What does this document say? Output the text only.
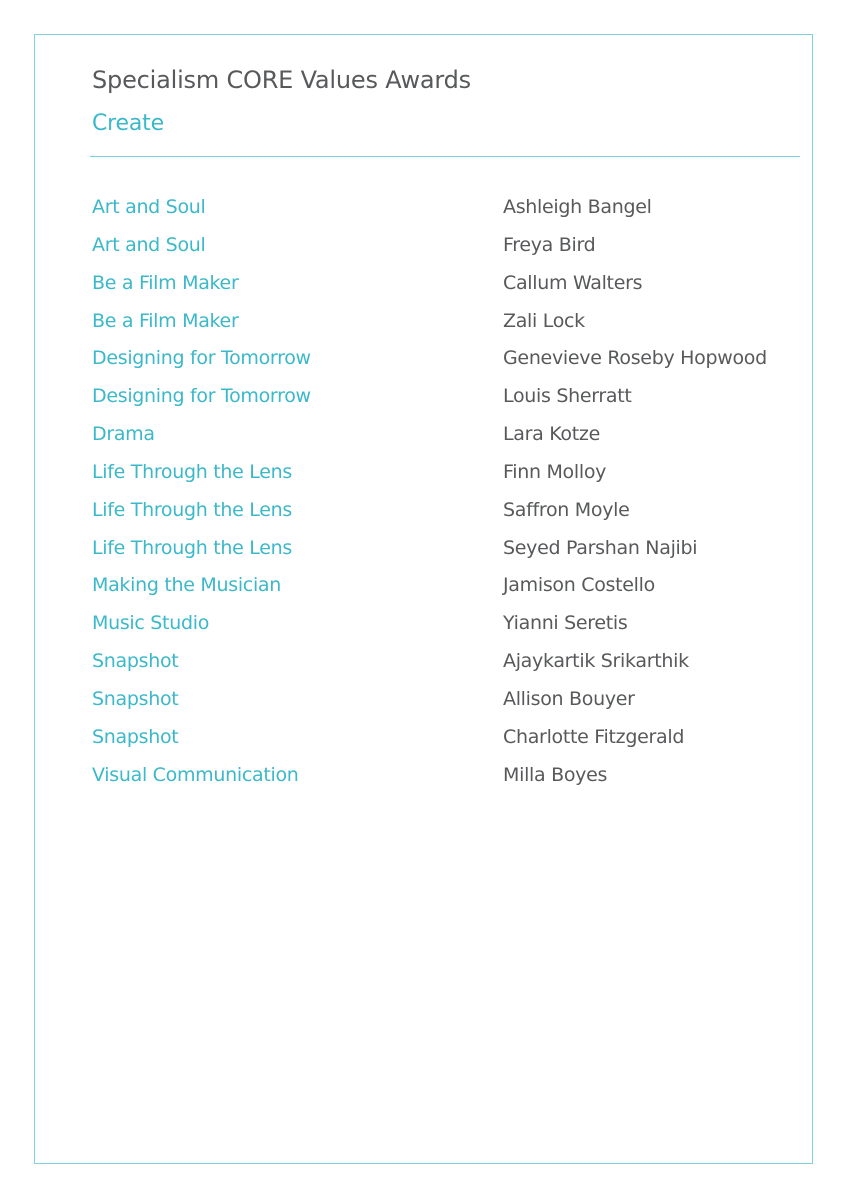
Specialism CORE Values Awards
Create
Art and Soul	Ashleigh Bangel
Art and Soul	Freya Bird
Be a Film Maker	Callum Walters
Be a Film Maker	Zali Lock
Designing for Tomorrow	Genevieve Roseby Hopwood
Designing for Tomorrow	Louis Sherratt
Drama	Lara Kotze
Life Through the Lens	Finn Molloy
Life Through the Lens	Saffron Moyle
Life Through the Lens	Seyed Parshan Najibi
Making the Musician	Jamison Costello
Music Studio	Yianni Seretis
Snapshot	Ajaykartik Srikarthik
Snapshot	Allison Bouyer
Snapshot	Charlotte Fitzgerald
Visual Communication	Milla Boyes
